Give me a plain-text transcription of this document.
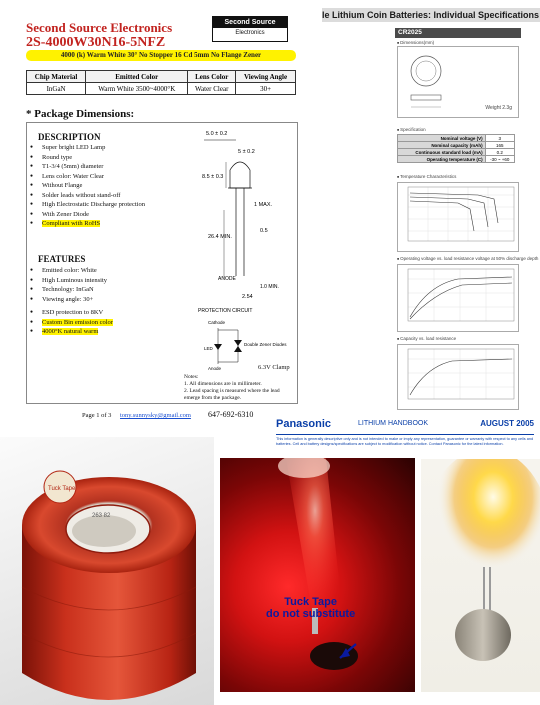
Second Source Electronics	Second Source
Electronics
2S-4000W30N16-5NFZ
4000 (k) Warm White 30° No Stopper 16 Cd 5mm No Flange Zener
Chip Material	Emitted Color	Lens Color	Viewing Angle
InGaN	Warm White 3500~4000°K	Water Clear	30+
* Package Dimensions:
DESCRIPTION
● Super bright LED Lamp
● Round type
● T1-3/4 (5mm) diameter
● Lens color: Water Clear
● Without Flange
● Solder leads without stand-off
● High Electrostatic Discharge protection
● With Zener Diode
● Compliant with RoHS
FEATURES
● Emitted color: White
● High Luminous intensity
● Technology: InGaN
● Viewing angle: 30+
● ESD protection to 8KV
● Custom Bin emission color
● 4000°K natural warm
5.0 ± 0.2
5 ± 0.2
8.5 ± 0.3
1 MAX.
0.5
26.4 MIN.
ANODE
1.0 MIN.
2.54
PROTECTION CIRCUIT
Cathode
LED
Double Zener Diodes
Anode	6.3V Clamp
Notes:
1. All dimensions are in millimeter.
2. Lead spacing is measured where the lead emerge from the package.
Page 1 of 3 tony.sunnysky@gmail.com 647-692-6310
le Lithium Coin Batteries: Individual Specifications
CR2025
■ Dimensions(mm)
Weight 2.3g
■ Specification
Nominal voltage (V)	3
Nominal capacity (mAh)	165
Continuous standard load (mA)	0.2
Operating temperature (C)	-30 ~ +60
■ Temperature Characteristics
■ Operating voltage vs. load resistance voltage at 50% discharge depth
■ Capacity vs. load resistance
Panasonic	LITHIUM HANDBOOK	AUGUST 2005
This information is generally descriptive only and is not intended to make or imply any representation, guarantee or warranty with respect to any cells and batteries. Cell and battery designs/specifications are subject to modification without notice. Contact Panasonic for the latest information.
Tuck Tape
263 82
Tuck Tape
do not substitute
